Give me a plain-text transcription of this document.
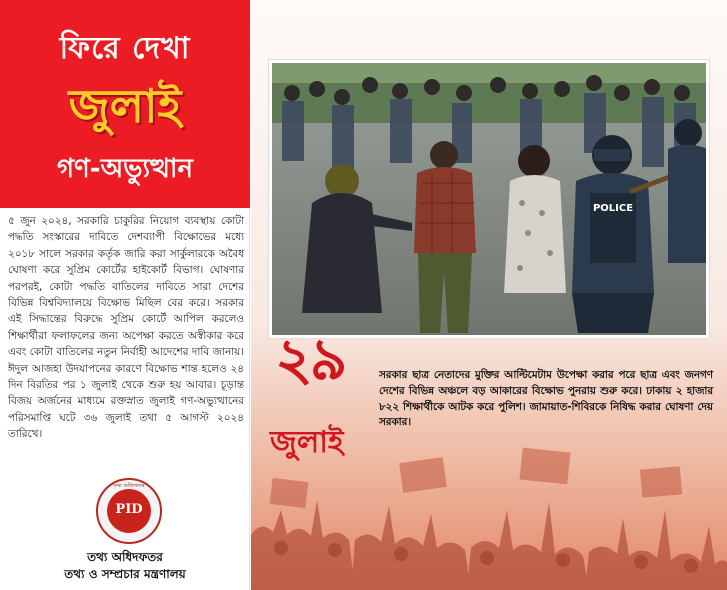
ফিরে দেখা
জুলাই
গণ-অভ্যুত্থান

৫ জুন ২০২৪, সরকারি চাকুরির নিয়োগ ব্যবস্থায় কোটা পদ্ধতি সংস্কারের দাবিতে দেশব্যাপী বিক্ষোভের মধ্যে ২০১৮ সালে সরকার কর্তৃক জারি করা সার্কুলারকে অবৈধ ঘোষণা করে সুপ্রিম কোর্টের হাইকোর্ট বিভাগ। ঘোষণার পরপরই, কোটা পদ্ধতি বাতিলের দাবিতে সারা দেশের বিভিন্ন বিশ্ববিদ্যালয়ে বিক্ষোভ মিছিল বের করে। সরকার এই সিদ্ধান্তের বিরুদ্ধে সুপ্রিম কোর্টে আপিল করলেও শিক্ষার্থীরা ফলাফলের জন্য অপেক্ষা করতে অস্বীকার করে এবং কোটা বাতিলের নতুন নির্বাহী আদেশের দাবি জানায়। ঈদুল আজহা উদযাপনের কারণে বিক্ষোভ শান্ত হলেও ২৪ দিন বিরতির পর ১ জুলাই থেকে শুরু হয় আবার। চূড়ান্ত বিজয় অর্জনের মাধ্যমে রক্তস্নাত জুলাই গণ-অভ্যুত্থানের পরিসমাপ্তি ঘটে ৩৬ জুলাই তথা ৫ আগস্ট ২০২৪ তারিখে।

তথ্য অধিদফতর
PID
তথ্য অধিদফতর
তথ্য ও সম্প্রচার মন্ত্রণালয়
POLICE
২৯
জুলাই

সরকার ছাত্র নেতাদের মুক্তির আল্টিমেটাম উপেক্ষা করার পরে ছাত্র এবং জনগণ দেশের বিভিন্ন অঞ্চলে বড় আকারের বিক্ষোভ পুনরায় শুরু করে। ঢাকায় ২ হাজার ৮২২ শিক্ষার্থীকে আটক করে পুলিশ। জামায়াত-শিবিরকে নিষিদ্ধ করার ঘোষণা দেয় সরকার।
